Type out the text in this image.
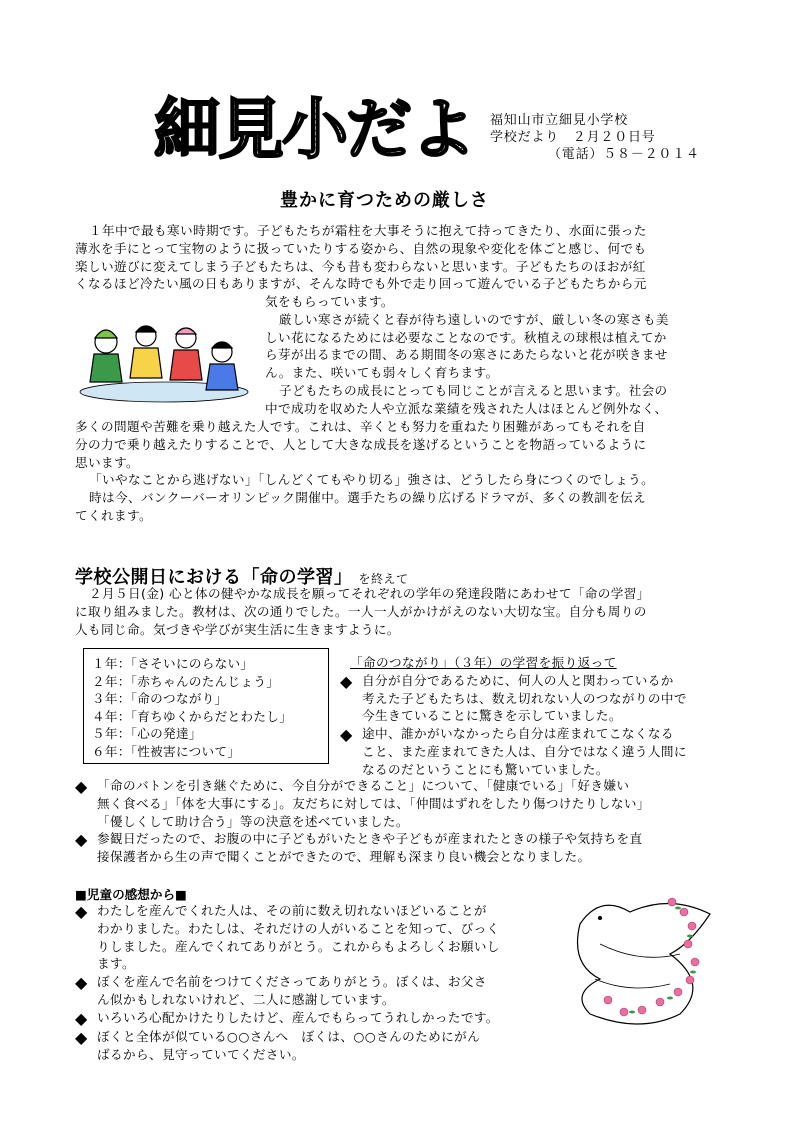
細見小だよ	福知山市立細見小学校
学校だより　２月２０日号
（電話）５８－２０１４
豊かに育つための厳しさ

１年中で最も寒い時期です。子どもたちが霜柱を大事そうに抱えて持ってきたり、水面に張った

薄氷を手にとって宝物のように扱っていたりする姿から、自然の現象や変化を体ごと感じ、何でも

楽しい遊びに変えてしまう子どもたちは、今も昔も変わらないと思います。子どもたちのほおが紅

くなるほど冷たい風の日もありますが、そんな時でも外で走り回って遊んでいる子どもたちから元

気をもらっています。

厳しい寒さが続くと春が待ち遠しいのですが、厳しい冬の寒さも美

しい花になるためには必要なことなのです。秋植えの球根は植えてか

ら芽が出るまでの間、ある期間冬の寒さにあたらないと花が咲きませ

ん。また、咲いても弱々しく育ちます。

子どもたちの成長にとっても同じことが言えると思います。社会の

中で成功を収めた人や立派な業績を残された人はほとんど例外なく、

多くの問題や苦難を乗り越えた人です。これは、辛くとも努力を重ねたり困難があってもそれを自

分の力で乗り越えたりすることで、人として大きな成長を遂げるということを物語っているように

思います。

「いやなことから逃げない」「しんどくてもやり切る」強さは、どうしたら身につくのでしょう。

時は今、バンクーバーオリンピック開催中。選手たちの繰り広げるドラマが、多くの教訓を伝え

てくれます。

学校公開日における「命の学習」 を終えて

２月５日(金) 心と体の健やかな成長を願ってそれぞれの学年の発達段階にあわせて「命の学習」

に取り組みました。教材は、次の通りでした。一人一人がかけがえのない大切な宝。自分も周りの

人も同じ命。気づきや学びが実生活に生きますように。

１年：「さそいにのらない」
２年：「赤ちゃんのたんじょう」
３年：「命のつながり」
４年：「育ちゆくからだとわたし」
５年：「心の発達」
６年：「性被害について」

「命のつながり」（３年）の学習を振り返って

◆ 自分が自分であるために、何人の人と関わっているか

考えた子どもたちは、数え切れない人のつながりの中で

今生きていることに驚きを示していました。

◆ 途中、誰かがいなかったら自分は産まれてこなくなる

こと、また産まれてきた人は、自分ではなく違う人間に

なるのだということにも驚いていました。

◆ 「命のバトンを引き継ぐために、今自分ができること」について、「健康でいる」「好き嫌い

無く食べる」「体を大事にする」。友だちに対しては、「仲間はずれをしたり傷つけたりしない」

「優しくして助け合う」等の決意を述べていました。

◆ 参観日だったので、お腹の中に子どもがいたときや子どもが産まれたときの様子や気持ちを直

接保護者から生の声で聞くことができたので、理解も深まり良い機会となりました。

■児童の感想から■
◆ わたしを産んでくれた人は、その前に数え切れないほどいることが

わかりました。わたしは、それだけの人がいることを知って、びっく

りしました。産んでくれてありがとう。これからもよろしくお願いし

ます。

◆ ぼくを産んで名前をつけてくださってありがとう。ぼくは、お父さ

ん似かもしれないけれど、二人に感謝しています。

◆ いろいろ心配かけたりしたけど、産んでもらってうれしかったです。

◆ ぼくと全体が似ている○○さんへ　ぼくは、○○さんのためにがん

ばるから、見守っていてください。
